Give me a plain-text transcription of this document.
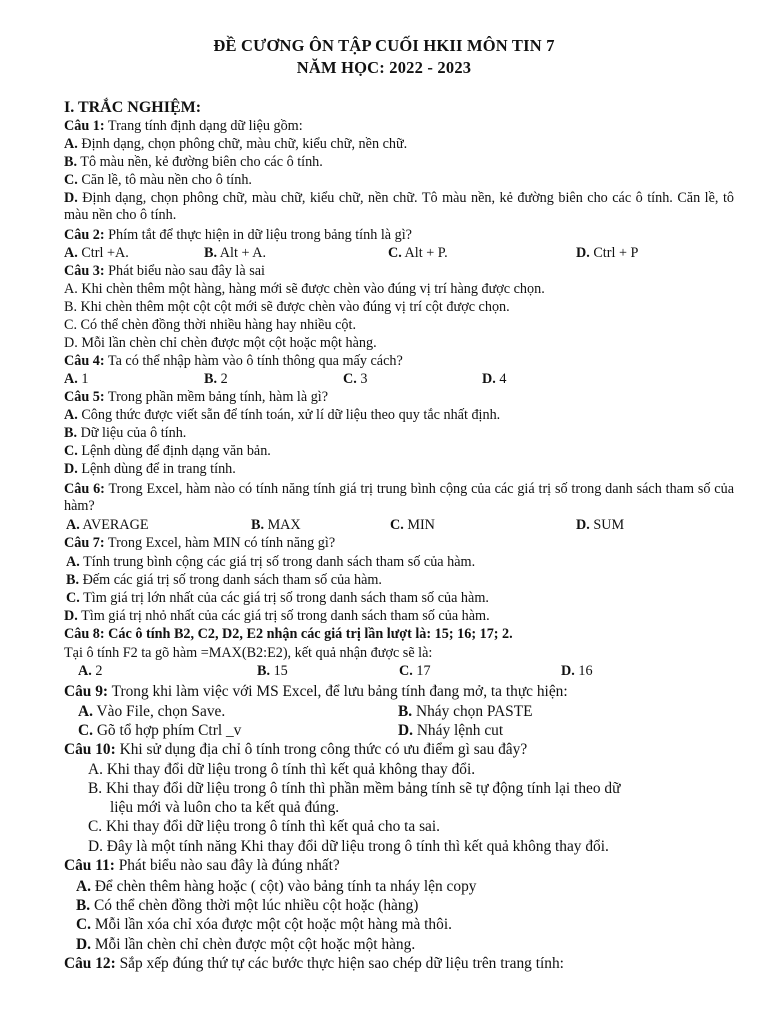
ĐỀ CƯƠNG ÔN TẬP CUỐI HKII MÔN TIN 7
NĂM HỌC: 2022 - 2023
I. TRẮC NGHIỆM:
Câu 1: Trang tính định dạng dữ liệu gồm:
A. Định dạng, chọn phông chữ, màu chữ, kiểu chữ, nền chữ.
B. Tô màu nền, kẻ đường biên cho các ô tính.
C. Căn lề, tô màu nền cho ô tính.
D. Định dạng, chọn phông chữ, màu chữ, kiểu chữ, nền chữ. Tô màu nền, kẻ đường biên cho các ô tính. Căn lề, tô màu nền cho ô tính.
Câu 2: Phím tắt để thực hiện in dữ liệu trong bảng tính là gì?
A. Ctrl +A.	B. Alt + A.	C. Alt + P.	D. Ctrl + P
Câu 3: Phát biểu nào sau đây là sai
A. Khi chèn thêm một hàng, hàng mới sẽ được chèn vào đúng vị trí hàng được chọn.
B. Khi chèn thêm một cột cột mới sẽ được chèn vào đúng vị trí cột được chọn.
C. Có thể chèn đồng thời nhiều hàng hay nhiều cột.
D. Mỗi lần chèn chỉ chèn được một cột hoặc một hàng.
Câu 4: Ta có thể nhập hàm vào ô tính thông qua mấy cách?
A. 1	B. 2	C. 3	D. 4
Câu 5: Trong phần mềm bảng tính, hàm là gì?
A. Công thức được viết sẵn để tính toán, xử lí dữ liệu theo quy tắc nhất định.
B. Dữ liệu của ô tính.
C. Lệnh dùng để định dạng văn bản.
D. Lệnh dùng để in trang tính.
Câu 6: Trong Excel, hàm nào có tính năng tính giá trị trung bình cộng của các giá trị số trong danh sách tham số của hàm?
A. AVERAGE	B. MAX	C. MIN	D. SUM
Câu 7: Trong Excel, hàm MIN có tính năng gì?
A. Tính trung bình cộng các giá trị số trong danh sách tham số của hàm.
B. Đếm các giá trị số trong danh sách tham số của hàm.
C. Tìm giá trị lớn nhất của các giá trị số trong danh sách tham số của hàm.
D. Tìm giá trị nhỏ nhất của các giá trị số trong danh sách tham số của hàm.
Câu 8: Các ô tính B2, C2, D2, E2 nhận các giá trị lần lượt là: 15; 16; 17; 2.
Tại ô tính F2 ta gõ hàm =MAX(B2:E2), kết quả nhận được sẽ là:
A. 2	B. 15	C. 17	D. 16
Câu 9: Trong khi làm việc với MS Excel, để lưu bảng tính đang mở, ta thực hiện:
A. Vào File, chọn Save.	B. Nháy chọn PASTE
C. Gõ tổ hợp phím Ctrl _v	D. Nháy lệnh cut
Câu 10: Khi sử dụng địa chỉ ô tính trong công thức có ưu điểm gì sau đây?
A. Khi thay đổi dữ liệu trong ô tính thì kết quả không thay đổi.
B. Khi thay đổi dữ liệu trong ô tính thì phần mềm bảng tính sẽ tự động tính lại theo dữ
liệu mới và luôn cho ta kết quả đúng.
C. Khi thay đổi dữ liệu trong ô tính thì kết quả cho ta sai.
D. Đây là một tính năng Khi thay đổi dữ liệu trong ô tính thì kết quả không thay đổi.
Câu 11: Phát biểu nào sau đây là đúng nhất?
A. Để chèn thêm hàng hoặc ( cột) vào bảng tính ta nháy lện copy
B. Có thể chèn đồng thời một lúc nhiều cột hoặc (hàng)
C. Mỗi lần xóa chỉ xóa được một cột hoặc một hàng mà thôi.
D. Mỗi lần chèn chỉ chèn được một cột hoặc một hàng.
Câu 12: Sắp xếp đúng thứ tự các bước thực hiện sao chép dữ liệu trên trang tính:
